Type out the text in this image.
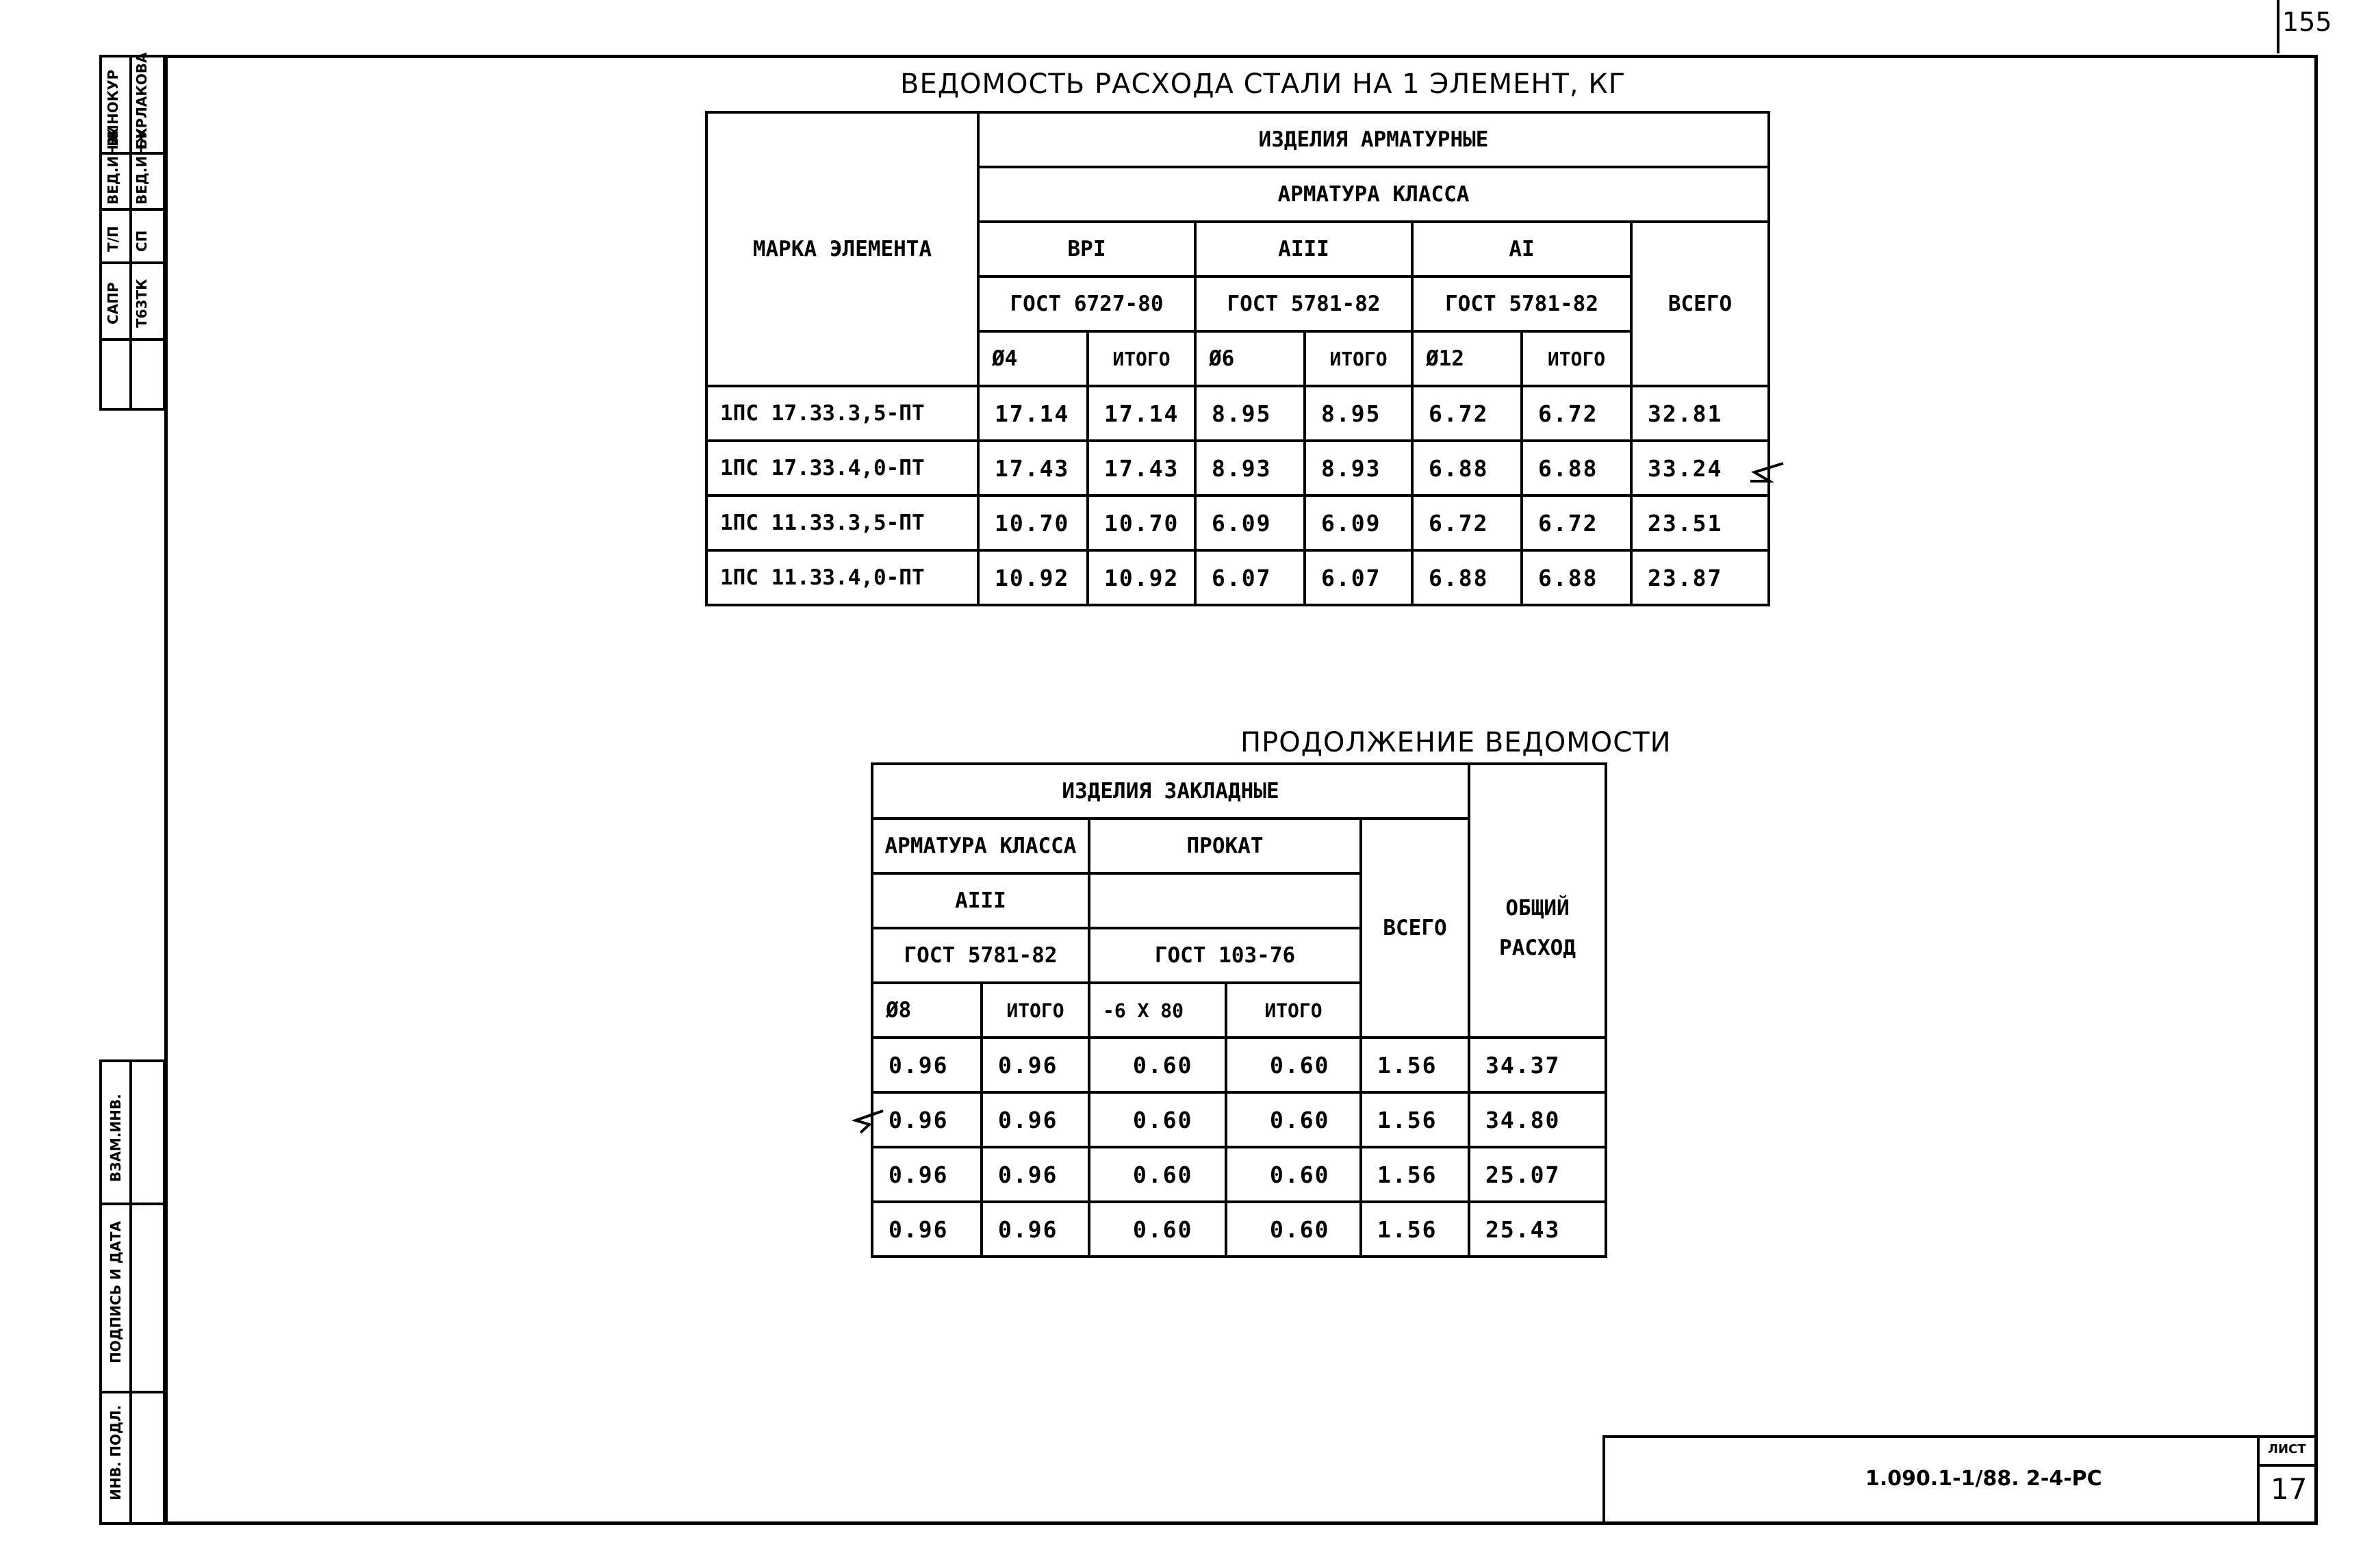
155
ВИНОКУР БУРЛАКОВА
ВЕД.ИНЖ ВЕД.ИНЖ
Т/П СП
САПР Т63ТК
ВЗАМ.ИНВ.
ПОДПИСЬ И ДАТА
ИНВ. ПОДЛ.
ВЕДОМОСТЬ РАСХОДА СТАЛИ НА 1 ЭЛЕМЕНТ, КГ
МАРКА ЭЛЕМЕНТА	ИЗДЕЛИЯ АРМАТУРНЫЕ						
	АРМАТУРА КЛАССА						
	ВРI		АIII		АI		ВСЕГО
	ГОСТ 6727-80		ГОСТ 5781-82		ГОСТ 5781-82		
	Ø4	ИТОГО	Ø6	ИТОГО	Ø12	ИТОГО	
1ПС 17.33.3,5-ПТ	17.14	17.14	8.95	8.95	6.72	6.72	32.81
1ПС 17.33.4,0-ПТ	17.43	17.43	8.93	8.93	6.88	6.88	33.24
1ПС 11.33.3,5-ПТ	10.70	10.70	6.09	6.09	6.72	6.72	23.51
1ПС 11.33.4,0-ПТ	10.92	10.92	6.07	6.07	6.88	6.88	23.87
ПРОДОЛЖЕНИЕ ВЕДОМОСТИ
ИЗДЕЛИЯ ЗАКЛАДНЫЕ					ОБЩИЙ
РАСХОД

АРМАТУРА КЛАССА		ПРОКАТ		ВСЕГО	
АIII					
ГОСТ 5781-82		ГОСТ 103-76			
Ø8	ИТОГО	-6 Х 80	ИТОГО		
0.96	0.96	0.60	0.60	1.56	34.37
0.96	0.96	0.60	0.60	1.56	34.80
0.96	0.96	0.60	0.60	1.56	25.07
0.96	0.96	0.60	0.60	1.56	25.43
1.090.1-1/88. 2-4-РС
ЛИСТ
17
